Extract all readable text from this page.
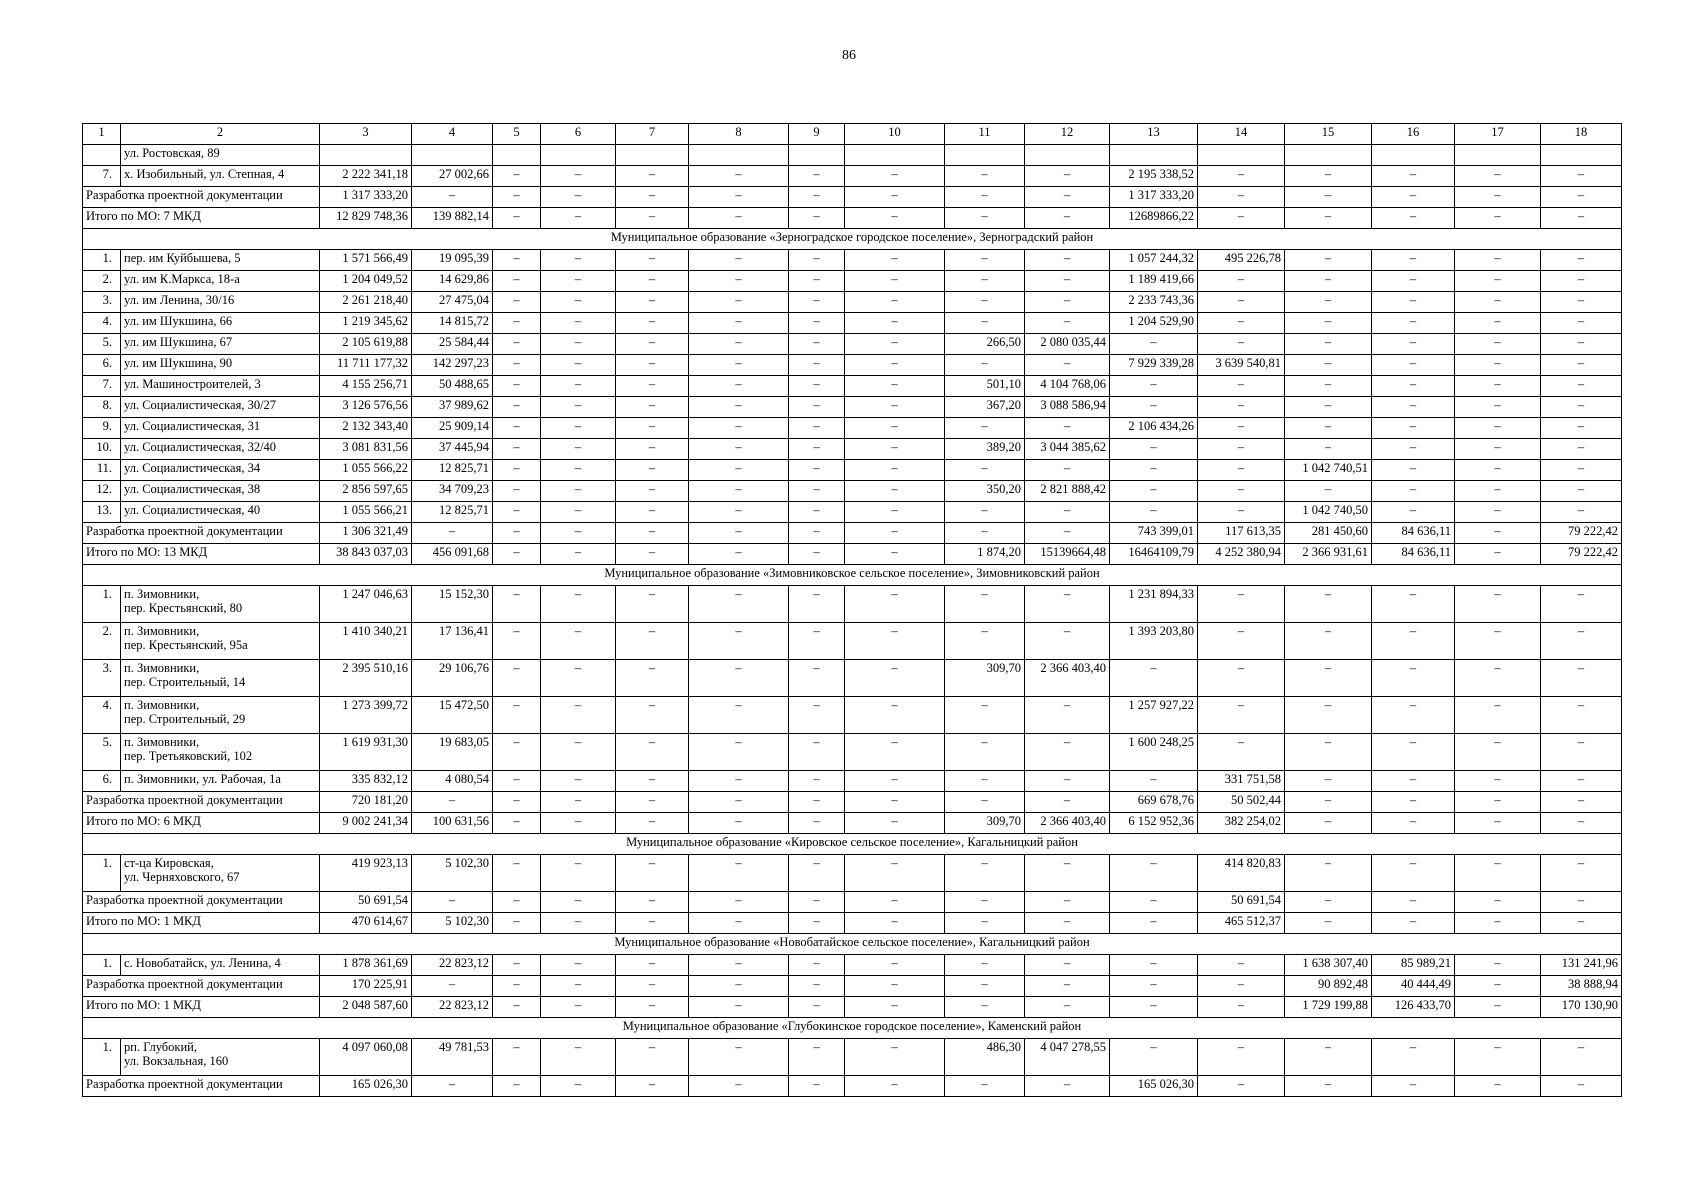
86
1	2	3	4	5	6	7	8	9	10	11	12	13	14	15	16	17	18
	ул. Ростовская, 89																
7.	х. Изобильный, ул. Степная, 4	2 222 341,18	27 002,66	–	–	–	–	–	–	–	–	2 195 338,52	–	–	–	–	–
Разработка проектной документации		1 317 333,20	–	–	–	–	–	–	–	–	–	1 317 333,20	–	–	–	–	–
Итого по МО: 7 МКД		12 829 748,36	139 882,14	–	–	–	–	–	–	–	–	12689866,22	–	–	–	–	–
Муниципальное образование «Зерноградское городское поселение», Зерноградский район																	
1.	пер. им Куйбышева, 5	1 571 566,49	19 095,39	–	–	–	–	–	–	–	–	1 057 244,32	495 226,78	–	–	–	–
2.	ул. им К.Маркса, 18-а	1 204 049,52	14 629,86	–	–	–	–	–	–	–	–	1 189 419,66	–	–	–	–	–
3.	ул. им Ленина, 30/16	2 261 218,40	27 475,04	–	–	–	–	–	–	–	–	2 233 743,36	–	–	–	–	–
4.	ул. им Шукшина, 66	1 219 345,62	14 815,72	–	–	–	–	–	–	–	–	1 204 529,90	–	–	–	–	–
5.	ул. им Шукшина, 67	2 105 619,88	25 584,44	–	–	–	–	–	–	266,50	2 080 035,44	–	–	–	–	–	–
6.	ул. им Шукшина, 90	11 711 177,32	142 297,23	–	–	–	–	–	–	–	–	7 929 339,28	3 639 540,81	–	–	–	–
7.	ул. Машиностроителей, 3	4 155 256,71	50 488,65	–	–	–	–	–	–	501,10	4 104 768,06	–	–	–	–	–	–
8.	ул. Социалистическая, 30/27	3 126 576,56	37 989,62	–	–	–	–	–	–	367,20	3 088 586,94	–	–	–	–	–	–
9.	ул. Социалистическая, 31	2 132 343,40	25 909,14	–	–	–	–	–	–	–	–	2 106 434,26	–	–	–	–	–
10.	ул. Социалистическая, 32/40	3 081 831,56	37 445,94	–	–	–	–	–	–	389,20	3 044 385,62	–	–	–	–	–	–
11.	ул. Социалистическая, 34	1 055 566,22	12 825,71	–	–	–	–	–	–	–	–	–	–	1 042 740,51	–	–	–
12.	ул. Социалистическая, 38	2 856 597,65	34 709,23	–	–	–	–	–	–	350,20	2 821 888,42	–	–	–	–	–	–
13.	ул. Социалистическая, 40	1 055 566,21	12 825,71	–	–	–	–	–	–	–	–	–	–	1 042 740,50	–	–	–
Разработка проектной документации		1 306 321,49	–	–	–	–	–	–	–	–	–	743 399,01	117 613,35	281 450,60	84 636,11	–	79 222,42
Итого по МО: 13 МКД		38 843 037,03	456 091,68	–	–	–	–	–	–	1 874,20	15139664,48	16464109,79	4 252 380,94	2 366 931,61	84 636,11	–	79 222,42
Муниципальное образование «Зимовниковское сельское поселение», Зимовниковский район																	
1.	п. Зимовники,
пер. Крестьянский, 80	1 247 046,63	15 152,30	–	–	–	–	–	–	–	–	1 231 894,33	–	–	–	–	–
2.	п. Зимовники,
пер. Крестьянский, 95а	1 410 340,21	17 136,41	–	–	–	–	–	–	–	–	1 393 203,80	–	–	–	–	–
3.	п. Зимовники,
пер. Строительный, 14	2 395 510,16	29 106,76	–	–	–	–	–	–	309,70	2 366 403,40	–	–	–	–	–	–
4.	п. Зимовники,
пер. Строительный, 29	1 273 399,72	15 472,50	–	–	–	–	–	–	–	–	1 257 927,22	–	–	–	–	–
5.	п. Зимовники,
пер. Третьяковский, 102	1 619 931,30	19 683,05	–	–	–	–	–	–	–	–	1 600 248,25	–	–	–	–	–
6.	п. Зимовники, ул. Рабочая, 1а	335 832,12	4 080,54	–	–	–	–	–	–	–	–	–	331 751,58	–	–	–	–
Разработка проектной документации		720 181,20	–	–	–	–	–	–	–	–	–	669 678,76	50 502,44	–	–	–	–
Итого по МО: 6 МКД		9 002 241,34	100 631,56	–	–	–	–	–	–	309,70	2 366 403,40	6 152 952,36	382 254,02	–	–	–	–
Муниципальное образование «Кировское сельское поселение», Кагальницкий район																	
1.	ст-ца Кировская,
ул. Черняховского, 67	419 923,13	5 102,30	–	–	–	–	–	–	–	–	–	414 820,83	–	–	–	–
Разработка проектной документации		50 691,54	–	–	–	–	–	–	–	–	–	–	50 691,54	–	–	–	–
Итого по МО: 1 МКД		470 614,67	5 102,30	–	–	–	–	–	–	–	–	–	465 512,37	–	–	–	–
Муниципальное образование «Новобатайское сельское поселение», Кагальницкий район																	
1.	с. Новобатайск, ул. Ленина, 4	1 878 361,69	22 823,12	–	–	–	–	–	–	–	–	–	–	1 638 307,40	85 989,21	–	131 241,96
Разработка проектной документации		170 225,91	–	–	–	–	–	–	–	–	–	–	–	90 892,48	40 444,49	–	38 888,94
Итого по МО: 1 МКД		2 048 587,60	22 823,12	–	–	–	–	–	–	–	–	–	–	1 729 199,88	126 433,70	–	170 130,90
Муниципальное образование «Глубокинское городское поселение», Каменский район																	
1.	рп. Глубокий,
ул. Вокзальная, 160	4 097 060,08	49 781,53	–	–	–	–	–	–	486,30	4 047 278,55	–	–	–	–	–	–
Разработка проектной документации		165 026,30	–	–	–	–	–	–	–	–	–	165 026,30	–	–	–	–	–
